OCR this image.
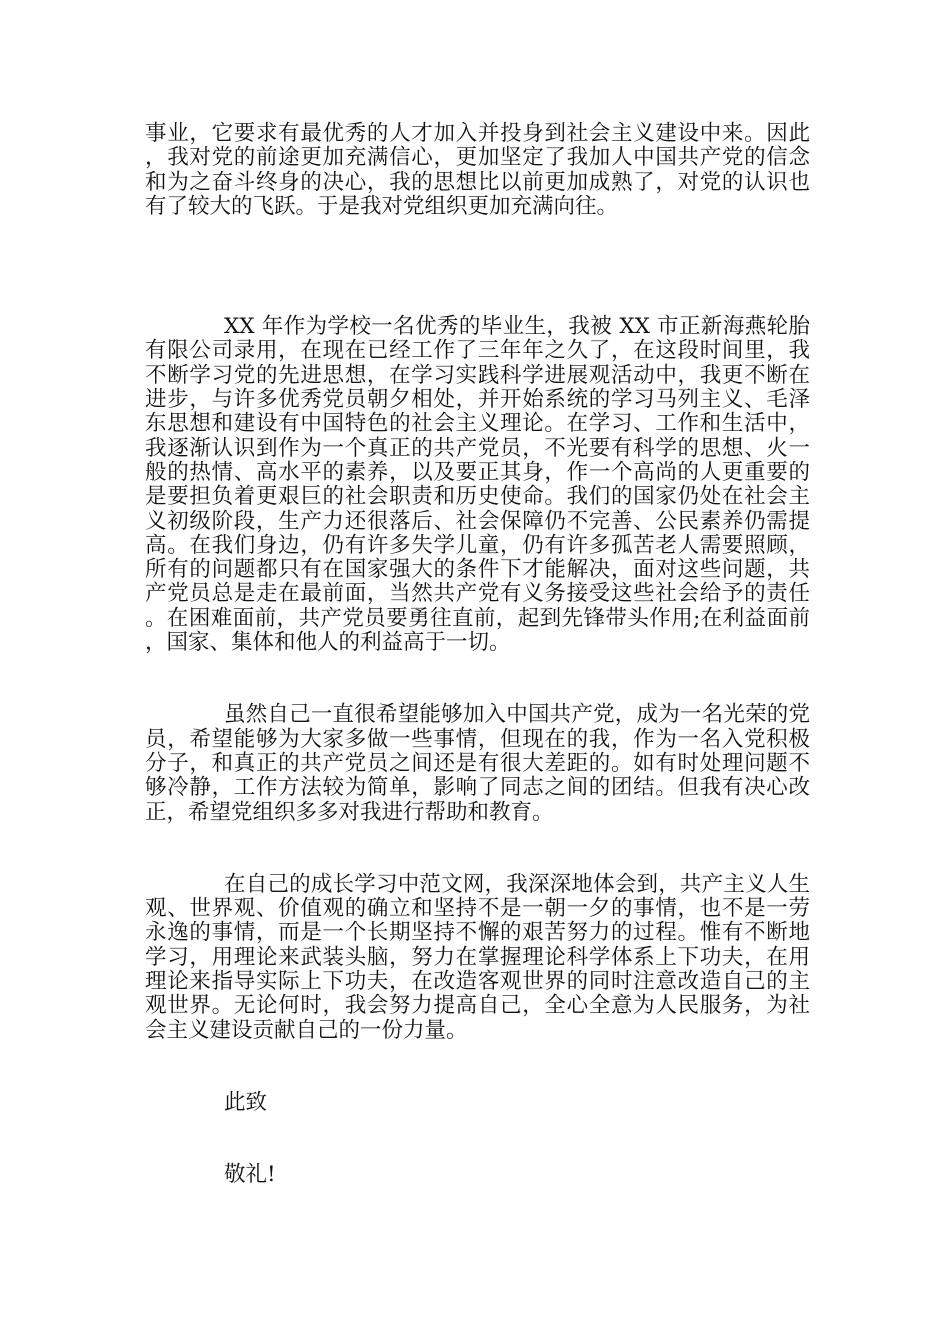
事业，它要求有最优秀的人才加入并投身到社会主义建设中来。因此，我对党的前途更加充满信心，更加坚定了我加人中国共产党的信念和为之奋斗终身的决心，我的思想比以前更加成熟了，对党的认识也有了较大的飞跃。于是我对党组织更加充满向往。

XX 年作为学校一名优秀的毕业生，我被 XX 市正新海燕轮胎有限公司录用，在现在已经工作了三年年之久了，在这段时间里，我不断学习党的先进思想，在学习实践科学进展观活动中，我更不断在进步，与许多优秀党员朝夕相处，并开始系统的学习马列主义、毛泽东思想和建设有中国特色的社会主义理论。在学习、工作和生活中，我逐渐认识到作为一个真正的共产党员，不光要有科学的思想、火一般的热情、高水平的素养，以及要正其身，作一个高尚的人更重要的是要担负着更艰巨的社会职责和历史使命。我们的国家仍处在社会主义初级阶段，生产力还很落后、社会保障仍不完善、公民素养仍需提高。在我们身边，仍有许多失学儿童，仍有许多孤苦老人需要照顾，所有的问题都只有在国家强大的条件下才能解决，面对这些问题，共产党员总是走在最前面，当然共产党有义务接受这些社会给予的责任。在困难面前，共产党员要勇往直前，起到先锋带头作用;在利益面前，国家、集体和他人的利益高于一切。

虽然自己一直很希望能够加入中国共产党，成为一名光荣的党员，希望能够为大家多做一些事情，但现在的我，作为一名入党积极分子，和真正的共产党员之间还是有很大差距的。如有时处理问题不够冷静，工作方法较为简单，影响了同志之间的团结。但我有决心改正，希望党组织多多对我进行帮助和教育。

在自己的成长学习中范文网，我深深地体会到，共产主义人生观、世界观、价值观的确立和坚持不是一朝一夕的事情，也不是一劳永逸的事情，而是一个长期坚持不懈的艰苦努力的过程。惟有不断地学习，用理论来武装头脑，努力在掌握理论科学体系上下功夫，在用理论来指导实际上下功夫，在改造客观世界的同时注意改造自己的主观世界。无论何时，我会努力提高自己，全心全意为人民服务，为社会主义建设贡献自己的一份力量。

此致

敬礼!
